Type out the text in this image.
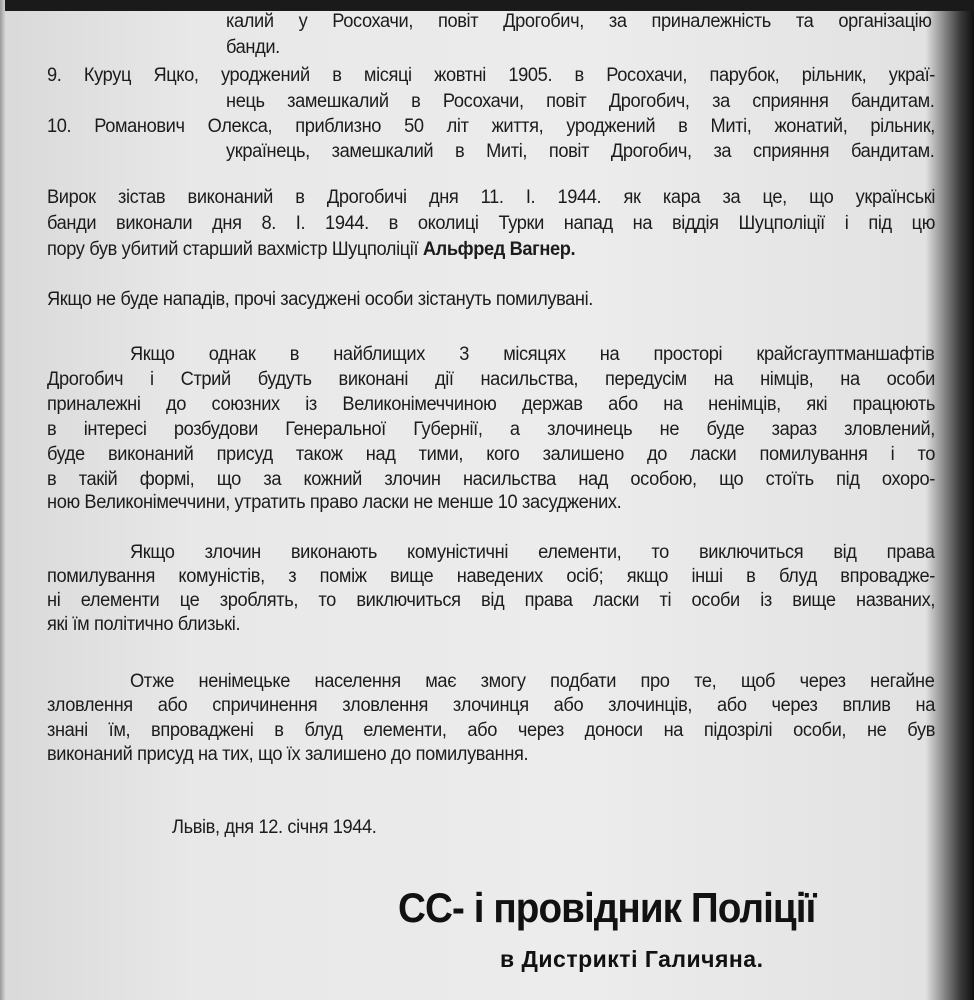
калий у Росохачи, повіт Дрогобич, за приналежність та організацію
банди.
9. Куруц Яцко, уроджений в місяці жовтні 1905. в Росохачи, парубок, рільник, украї-
нець замешкалий в Росохачи, повіт Дрогобич, за сприяння бандитам.
10. Романович Олекса, приблизно 50 літ життя, уроджений в Миті, жонатий, рільник,
українець, замешкалий в Миті, повіт Дрогобич, за сприяння бандитам.
Вирок зістав виконаний в Дрогобичі дня 11. I. 1944. як кара за це, що українські
банди виконали дня 8. I. 1944. в околиці Турки напад на віддія Шуцполіції і під цю
пору був убитий старший вахмістр Шуцполіції Альфред Вагнер.
Якщо не буде нападів, прочі засуджені особи зістануть помилувані.
Якщо однак в найблищих 3 місяцях на просторі крайсгауптманшафтів
Дрогобич і Стрий будуть виконані дії насильства, передусім на німців, на особи
приналежні до союзних із Великонімеччиною держав або на ненімців, які працюють
в інтересі розбудови Генеральної Губернії, а злочинець не буде зараз зловлений,
буде виконаний присуд також над тими, кого залишено до ласки помилування і то
в такій формі, що за кожний злочин насильства над особою, що стоїть під охоро-
ною Великонімеччини, утратить право ласки не менше 10 засуджених.
Якщо злочин виконають комуністичні елементи, то виключиться від права
помилування комуністів, з поміж вище наведених осіб; якщо інші в блуд впроваджe-
ні елементи це зроблять, то виключиться від права ласки ті особи із вище названих,
які їм політично близькі.
Отже ненімецьке населення має змогу подбати про те, щоб через негайне
зловлення або спричинення зловлення злочинця або злочинців, або через вплив на
знані їм, впроваджені в блуд елементи, або через доноси на підозрілі особи, не був
виконаний присуд на тих, що їх залишено до помилування.
Львів, дня 12. січня 1944.
СС- і провідник Поліції
в Дистрикті Галичяна.
